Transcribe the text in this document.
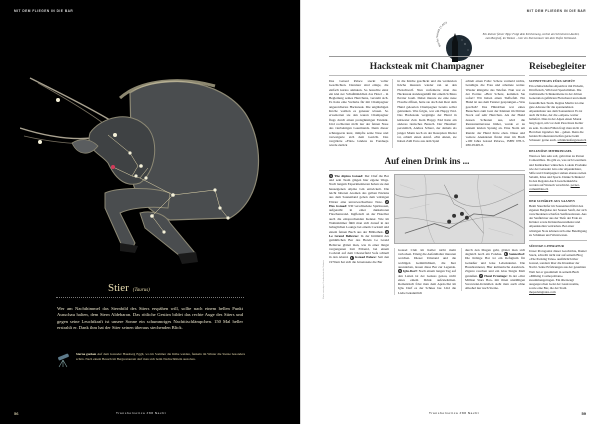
MIT DEM FLIEGEN IN DIE BAR
Stier (Taurus)

Wer am Nachthimmel das Sternbild des Stiers erspähen will, sollte nach einem hellen Punkt Ausschau halten, dem Stern Aldebaran. Das rötliche Gestirn bildet das rechte Auge des Stiers und gegen seine Leuchtkraft ist unsere Sonne ein schummriges Nachttischlämpchen. 150 Mal heller erstrahlt er. Dank ihm hat der Stier seinen überaus stechenden Blick.

Sterne gucken Auf dem Gstaader Hausberg Eggli, wo im Sommer die Kühe weiden, funkeln im Winter die Sterne besonders schön. Nach einem Besuch im Bergrestaurant darf man sich beim Nachschlitteln austoben.

56	Transhelvetica #88 Nacht
MIT DEM FLIEGEN IN DIE BAR
Kirche Saanen (1.447)

Ein kleiner feiner Tipp: Folgt dem Kirchenweg, vorbei am Schreinerei-Atelier, zum Berghof, im Westen – hier ein Sternenmeer mit dem Tiefen Vollmond.

Hacksteak mit Champagner

Das Gstaad Palace steckt voller Geschichten. Darunter sind einige, die einfach kurios anmuten. So besuchte einst ein klei ner Schoßhündchen das Hotel – in Begleitung seines Herrchens, versteht sich. Es hatte eine Vorliebe für mit Champagner angereichertes Hacksteak. Die ungläubigen Köche wollten es genauer wissen. So erweiterten sie den teuren Champagner flugs durch einen preisgünstigen Fendant. Und rochierten nicht nur der feinen Nase des vierbeinigen Gourmands. Denn dieser schnupperte kurz, rümpfte seine Nase und verweigerte sich dem Gericht. Das vergrätzte »Filet« landete zu Fondueja wurde zurück

in die Küche geschickt und die verdutzten Köche mussten wieder ran an den Fleischwolf. Nun verfeinerte man das Hacksteak standesgemäß mit einem Schluss Perrier Jouët. Dabei musste sie eine neue Flasche öffnen, hatte sie doch den Rest dem Hund geleerten Champagner bereits selbst getrunken. Was folgte, war ein Happy End. Das Hacksteak vergnügte der Hund in kürzester Zeit. Kein Happy End hatte ein anderes tierisches Besuch. Der Hausherr persönlich, Andrea Scherz, der damals als junger Mann noch an der Rezeption Dienst tat, erhielt einen Anruf. »Ein Akten, sie haben Zahl Euro aus dem Spiel

erhielt einen Falle: Schere vermeld nichts, beruhigte die Frau und arbeitete weiter. Wieder klingelte das Telefon. Nun war es der Portier. »Herr Scherz, kommen Sie sofort! Wir haben einen Tiefbefall. Ein Hund ist aus dem Fenster gesprungen.« Was geschah? Das Hündchen war eines Besuchers zum Gast der Kleinen im Dritten Stock auf sehr Herrchen. Als der Hund dessen Schreien aus, wird die Restaurantterrasse höher, wurde er zu seinem letzten Sprung an. Eine Notiz am Rande: der Hund hörte eben. Diese und weitere Anekdoten findet man im Buch »100 Jahre Gstaad Palace«, ISBN 978-3-280-05495-8.

Auf einen Drink ins ...

1 The Alpina Gstaad: Der Chef die Bar und sein Team gingen hier eigene Wege. Nach langem Experimentieren haben sie den hauseigenen Alpina Gin entwickelt. Die leicht bitteren Aromen des gelben Enzians aus dem Saanenland geben dem würzigen Elixier eine unverwechselbare Note. 2 Hus Gstaad: 930 verschiedene Spirituosen, aufgereiht in einer dunkelroten Flaschenwand. Ingfleisch an der Hotelbar auch die entsprechenden Kenner. Wie im Wohnzimmer fühlt man sich darauf in der behaglichen Lounge bei einem Cocktail und einem feinen Buch aus der Bibliothek. 3 Le Grand Bellevue: In der Intimität des gemütlichen Bar des Hotels Le Grand Bellevue glänzt man, wie in einer längst vergangenen Zeit Ebbend, bei einem Cocktail auf dem Chesterfield Sofa schnell in den Abend. 4 Gstaad Palace: Seit den 1970ern hat sich die Jetsetszene die Bar

Gstaad Club im Keller nicht mehr verlocken. Einzig die Aufenthalter mussten weichen. Dieser Umstand und die wohligen Gemütlichkeit, die hier auszuleben, lassen diese Bar zur Legende. 5 Iglu-Dorf: Nach einem langen Tag auf den Latten ist der Genuss genau, nicht eines einem Drink aufzuwärmen. Romantisch fröst man dem Après-Ski im Iglu. Darf es der Schnee bar. Und die Liebe bekanntlich

durch den Magen geht, glänzt man sich dagleich noch ein Fondue. 6 Sonnerhof: Die hölzige Bar ist ein Refugium für Genießer und leise Lebenskunst. Die Hausbrennerei, Hier kulinarische Ausdruck. Zigarre rauchen und ein Glas Single Malt genießen. 7 Hotel Ermitage: In der «Our Million Stars Bar» mit ihren unzähligen Swarovski-Kristallen sieht man auch ohne Alkohol nur noch Sterne.

Karte: swisstopo / Landeskarte der Schweiz
Reisebegleiter
SCHNITTIGES FÜRS GEMÜT

Ein schmackhaftes Alpenbrot mit Pickeln, Dörrfleisch, Wild und Spezialitäten. Die traditionelle Schinkenbeize in der dritten Generation geführten Fleischerei und einem freundlichen Team. Regina Martin ist eine gute Adresse für die spannendsten Alpenkräuter aus dem Saanenland. Es ist auch ihr Käse, der die »Alpen« weiter beliefert. Dies in der Alpen einen Monat lang lagert, um vor dem Pass ihren Keller zu sein. In allen Fällen fragt man nicht ob Herrchen irgendwo hin – gehen. Denn die beiden Produzenten helfen gerne beim Schauen: gerne auch. schnitziesfurgstaad.ch

DELIZIÖSE MITBRINGSEL

Wenn es fein sein soll, geht man zu Pernet Comestibles. Da gibt es, was sich Gourmets und Kulinariker wünschen. Lokale Produkte wie der Gstaader Gin oder Alpenkräuter, Säfte und Champagner stehen ebenso neben Salami, Käse und Speck. Danke Schinken! In den Regalen Auch Geschenkkörbe werden auf Wunsch verschickt. pernet-comestibles.ch

DER SCHÄRFE AUS SAANEN

Beim Sturzhöfer im Saanenland führt den eigenen Bergkäse der Saanen Senfi, der sich verschiedenen scharfen Senfkreationen. Aus der Senfkörner aus der Tiefe der Erde an Kräuter sowie Kräuterbeerendienst und Alpenknollen vertrieben. Bei einer würzigen Note können sich eine Beteiligung zu Schinken und Wurstwaren.

SÜFFIGE LITERATUR

Unser Protagonist dieser Geschichte, Daniel Steck, schreibt nicht nur auf seinem Blog »The Packing Tales« ausführlich über Gstaad, sondern über die Klassiker der Nacht. Seine Erfahrungen aus der gesamten Welt hat er gesammelt in seinem Buch »Milking Cosmopolitans« zusammengetragen. Ein überzeugt ausgesprochen Geist der Gastronomie, sowie eine Bar, die der Stadt. thepackingtales.com

Transhelvetica #88 Nacht	59
